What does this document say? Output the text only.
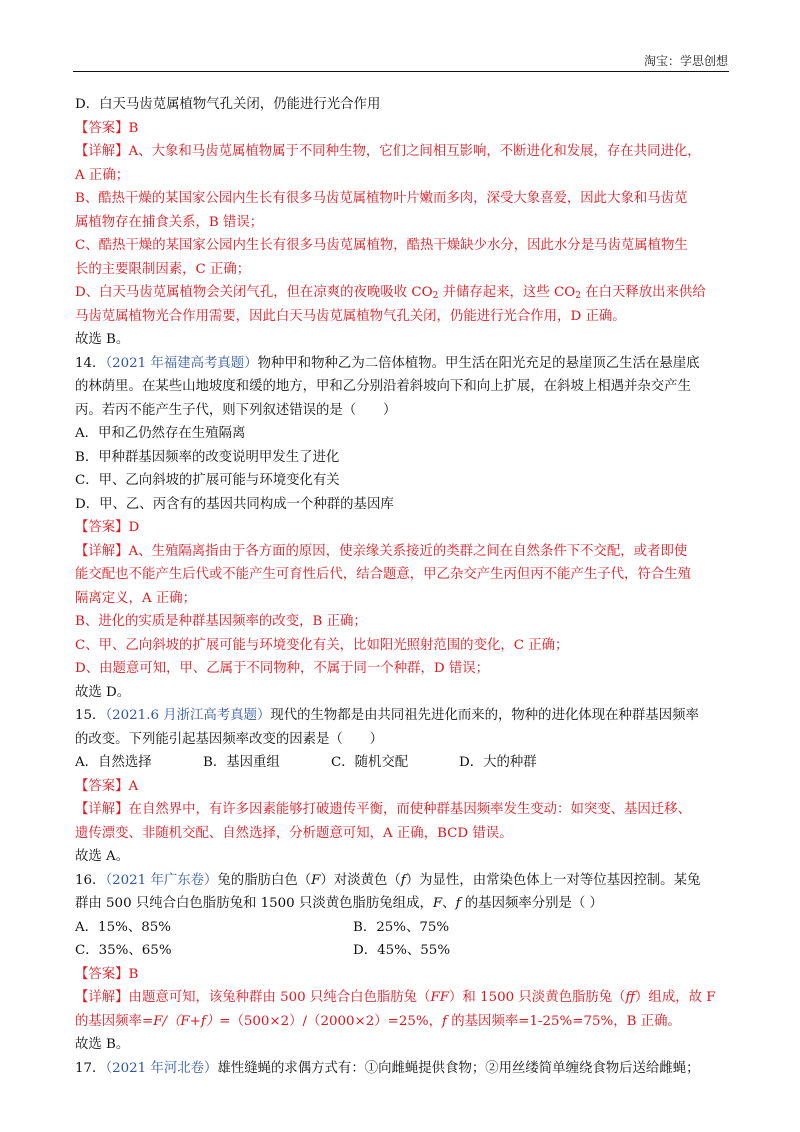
淘宝：学思创想
D．白天马齿苋属植物气孔关闭，仍能进行光合作用
【答案】B
【详解】A、大象和马齿苋属植物属于不同种生物，它们之间相互影响，不断进化和发展，存在共同进化，
A 正确；
B、酷热干燥的某国家公园内生长有很多马齿苋属植物叶片嫩而多肉，深受大象喜爱，因此大象和马齿苋
属植物存在捕食关系，B 错误；
C、酷热干燥的某国家公园内生长有很多马齿苋属植物，酷热干燥缺少水分，因此水分是马齿苋属植物生
长的主要限制因素，C 正确；
D、白天马齿苋属植物会关闭气孔，但在凉爽的夜晚吸收 $CO_2$ 并储存起来，这些 $CO_2$ 在白天释放出来供给
马齿苋属植物光合作用需要，因此白天马齿苋属植物气孔关闭，仍能进行光合作用，D 正确。
故选 B。
14．（2021 年福建高考真题）物种甲和物种乙为二倍体植物。甲生活在阳光充足的悬崖顶乙生活在悬崖底
的林荫里。在某些山地坡度和缓的地方，甲和乙分别沿着斜坡向下和向上扩展，在斜坡上相遇并杂交产生
丙。若丙不能产生子代，则下列叙述错误的是（　　）
A．甲和乙仍然存在生殖隔离
B．甲种群基因频率的改变说明甲发生了进化
C．甲、乙向斜坡的扩展可能与环境变化有关
D．甲、乙、丙含有的基因共同构成一个种群的基因库
【答案】D
【详解】A、生殖隔离指由于各方面的原因，使亲缘关系接近的类群之间在自然条件下不交配，或者即使
能交配也不能产生后代或不能产生可育性后代，结合题意，甲乙杂交产生丙但丙不能产生子代，符合生殖
隔离定义，A 正确；
B、进化的实质是种群基因频率的改变，B 正确；
C、甲、乙向斜坡的扩展可能与环境变化有关，比如阳光照射范围的变化，C 正确；
D、由题意可知，甲、乙属于不同物种，不属于同一个种群，D 错误；
故选 D。
15．（2021.6 月浙江高考真题）现代的生物都是由共同祖先进化而来的，物种的进化体现在种群基因频率
的改变。下列能引起基因频率改变的因素是（　　）
A．自然选择	B．基因重组	C．随机交配	D．大的种群
【答案】A
【详解】在自然界中，有许多因素能够打破遗传平衡，而使种群基因频率发生变动：如突变、基因迁移、
遗传漂变、非随机交配、自然选择，分析题意可知，A 正确，BCD 错误。
故选 A。
16．（2021 年广东卷）兔的脂肪白色（F）对淡黄色（f）为显性，由常染色体上一对等位基因控制。某兔
群由 500 只纯合白色脂肪兔和 1500 只淡黄色脂肪兔组成，F、f 的基因频率分别是（ ）
A．15%、85%	B．25%、75%
C．35%、65%	D．45%、55%
【答案】B
【详解】由题意可知，该兔种群由 500 只纯合白色脂肪兔（FF）和 1500 只淡黄色脂肪兔（ff）组成，故 F
的基因频率=F/（F+f）=（500×2）/（2000×2）=25%，f 的基因频率=1-25%=75%，B 正确。
故选 B。
17．（2021 年河北卷）雄性缝蝇的求偶方式有：①向雌蝇提供食物；②用丝缕简单缠绕食物后送给雌蝇；
